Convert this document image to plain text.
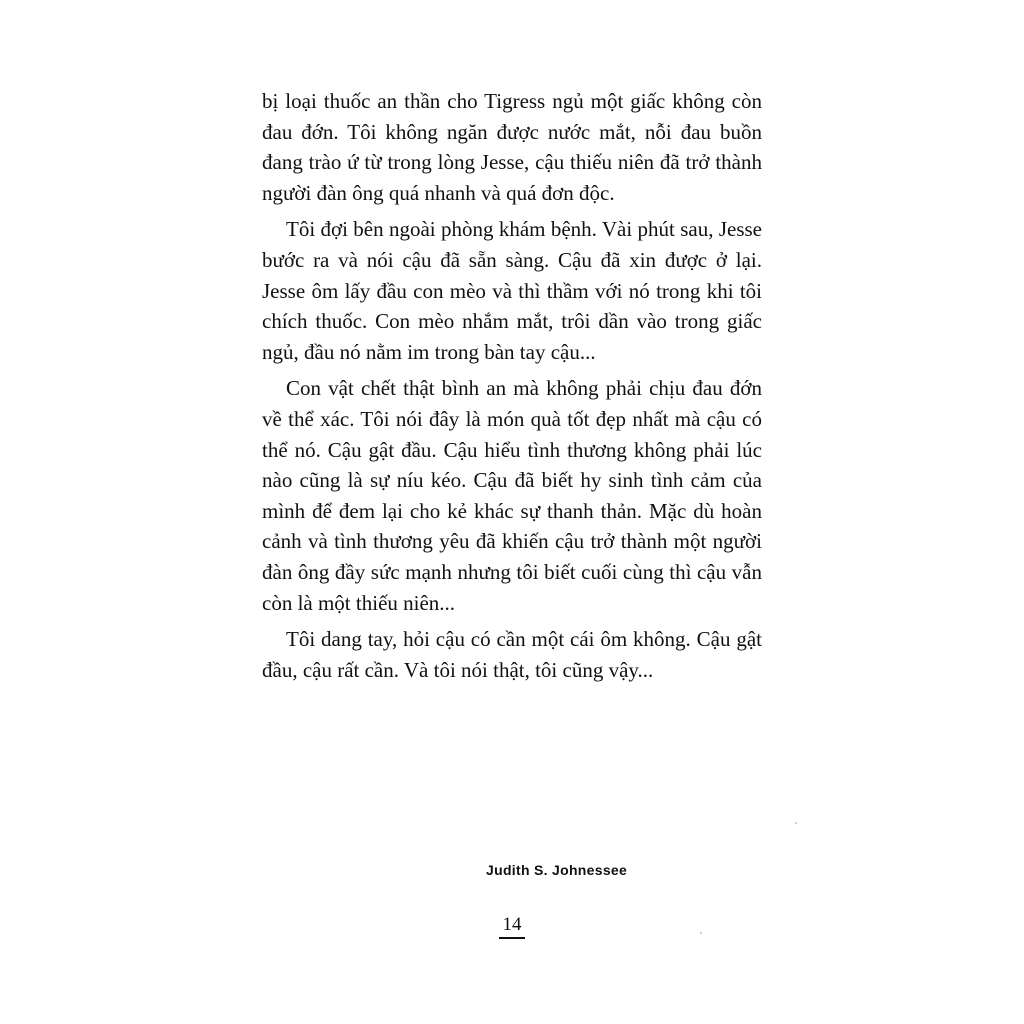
bị loại thuốc an thần cho Tigress ngủ một giấc không còn đau đớn. Tôi không ngăn được nước mắt, nỗi đau buồn đang trào ứ từ trong lòng Jesse, cậu thiếu niên đã trở thành người đàn ông quá nhanh và quá đơn độc.

Tôi đợi bên ngoài phòng khám bệnh. Vài phút sau, Jesse bước ra và nói cậu đã sẵn sàng. Cậu đã xin được ở lại. Jesse ôm lấy đầu con mèo và thì thầm với nó trong khi tôi chích thuốc. Con mèo nhắm mắt, trôi dần vào trong giấc ngủ, đầu nó nằm im trong bàn tay cậu...

Con vật chết thật bình an mà không phải chịu đau đớn về thể xác. Tôi nói đây là món quà tốt đẹp nhất mà cậu có thể nó. Cậu gật đầu. Cậu hiểu tình thương không phải lúc nào cũng là sự níu kéo. Cậu đã biết hy sinh tình cảm của mình để đem lại cho kẻ khác sự thanh thản. Mặc dù hoàn cảnh và tình thương yêu đã khiến cậu trở thành một người đàn ông đầy sức mạnh nhưng tôi biết cuối cùng thì cậu vẫn còn là một thiếu niên...

Tôi dang tay, hỏi cậu có cần một cái ôm không. Cậu gật đầu, cậu rất cần. Và tôi nói thật, tôi cũng vậy...

Judith S. Johnessee
14
